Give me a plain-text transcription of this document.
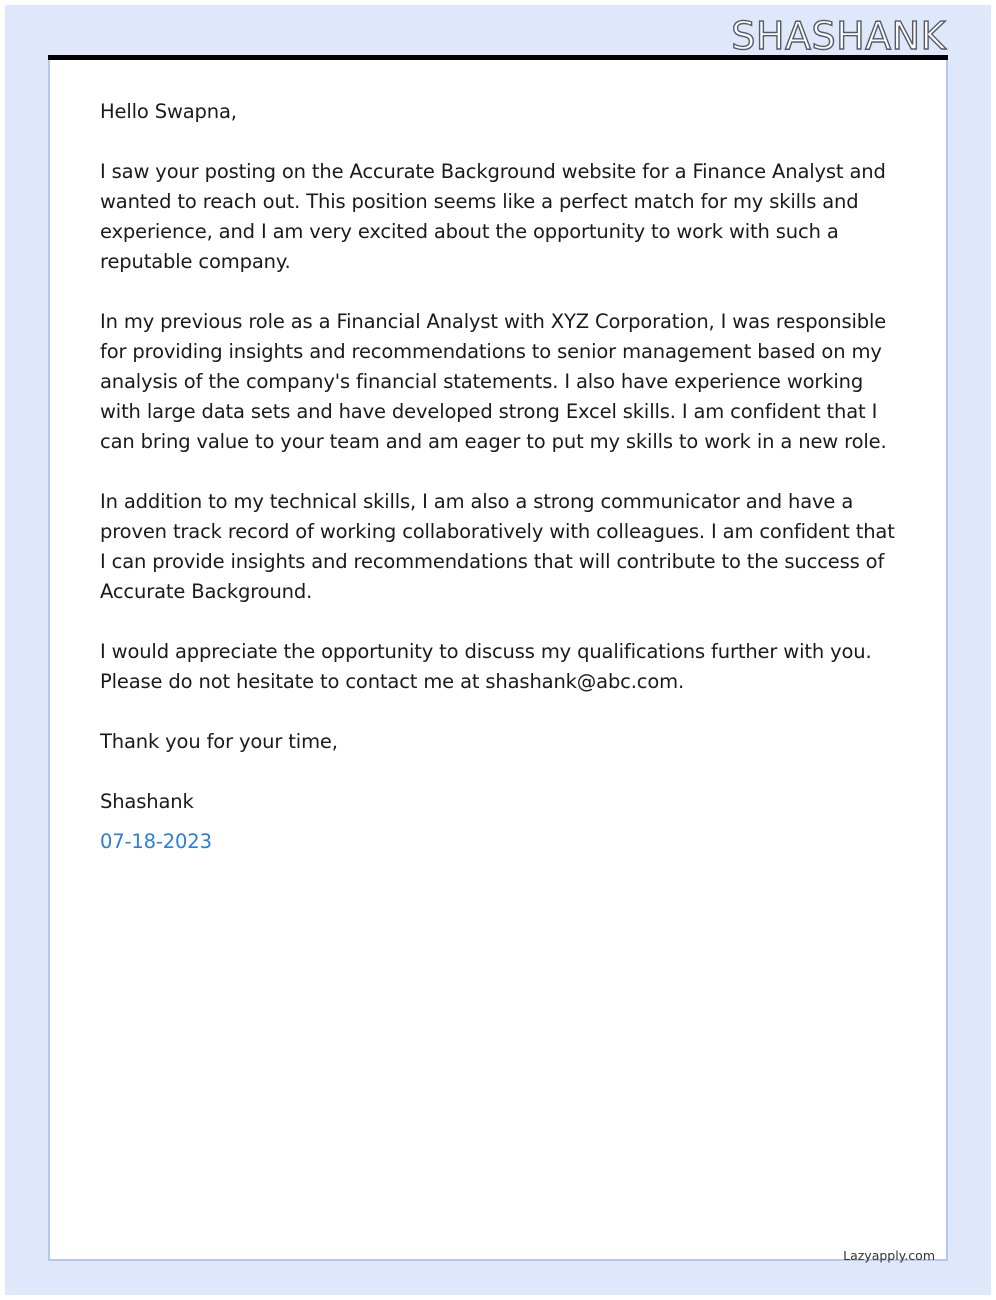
SHASHANK

Hello Swapna,

I saw your posting on the Accurate Background website for a Finance Analyst and wanted to reach out. This position seems like a perfect match for my skills and experience, and I am very excited about the opportunity to work with such a reputable company.

In my previous role as a Financial Analyst with XYZ Corporation, I was responsible for providing insights and recommendations to senior management based on my analysis of the company's financial statements. I also have experience working with large data sets and have developed strong Excel skills. I am confident that I can bring value to your team and am eager to put my skills to work in a new role.

In addition to my technical skills, I am also a strong communicator and have a proven track record of working collaboratively with colleagues. I am confident that I can provide insights and recommendations that will contribute to the success of Accurate Background.

I would appreciate the opportunity to discuss my qualifications further with you. Please do not hesitate to contact me at shashank@abc.com.

Thank you for your time,

Shashank

07-18-2023

Lazyapply.com
